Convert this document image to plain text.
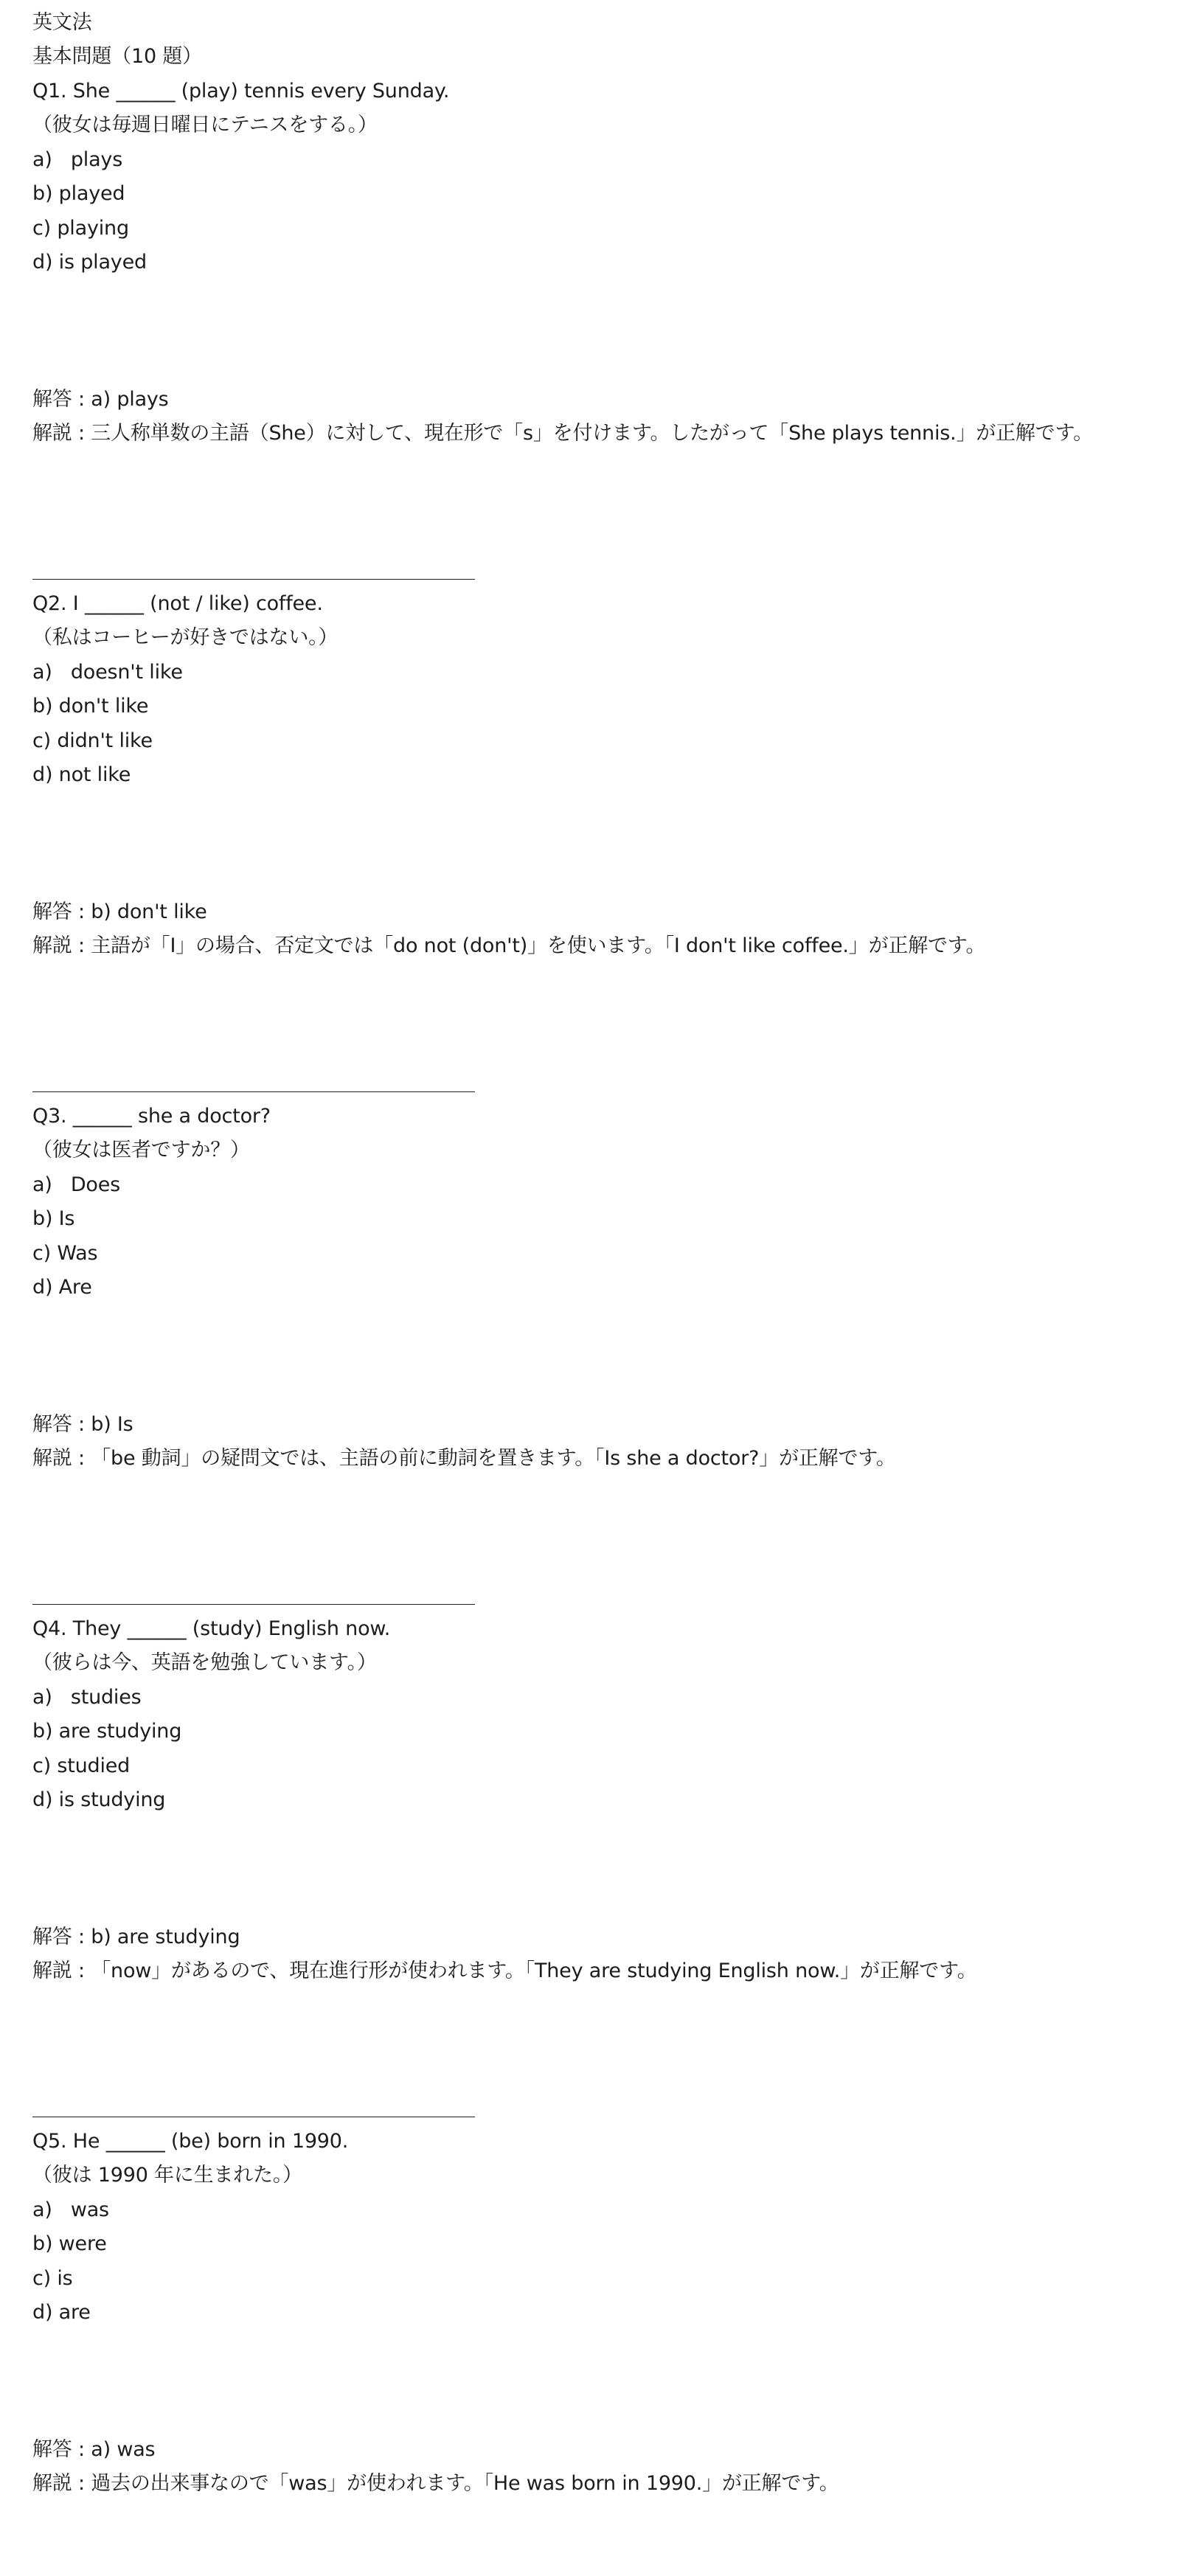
英文法
基本問題（10 題）
Q1. She ______ (play) tennis every Sunday.
（彼女は毎週日曜日にテニスをする。）
a)   plays
b) played
c) playing
d) is played
解答 : a) plays
解説 : 三人称単数の主語（She）に対して、現在形で「s」を付けます。したがって「She plays tennis.」が正解です。
Q2. I ______ (not / like) coffee.
（私はコーヒーが好きではない。）
a)   doesn't like
b) don't like
c) didn't like
d) not like
解答 : b) don't like
解説 : 主語が「I」の場合、否定文では「do not (don't)」を使います。「I don't like coffee.」が正解です。
Q3. ______ she a doctor?
（彼女は医者ですか？）
a)   Does
b) Is
c) Was
d) Are
解答 : b) Is
解説 : 「be 動詞」の疑問文では、主語の前に動詞を置きます。「Is she a doctor?」が正解です。
Q4. They ______ (study) English now.
（彼らは今、英語を勉強しています。）
a)   studies
b) are studying
c) studied
d) is studying
解答 : b) are studying
解説 : 「now」があるので、現在進行形が使われます。「They are studying English now.」が正解です。
Q5. He ______ (be) born in 1990.
（彼は 1990 年に生まれた。）
a)   was
b) were
c) is
d) are
解答 : a) was
解説 : 過去の出来事なので「was」が使われます。「He was born in 1990.」が正解です。
